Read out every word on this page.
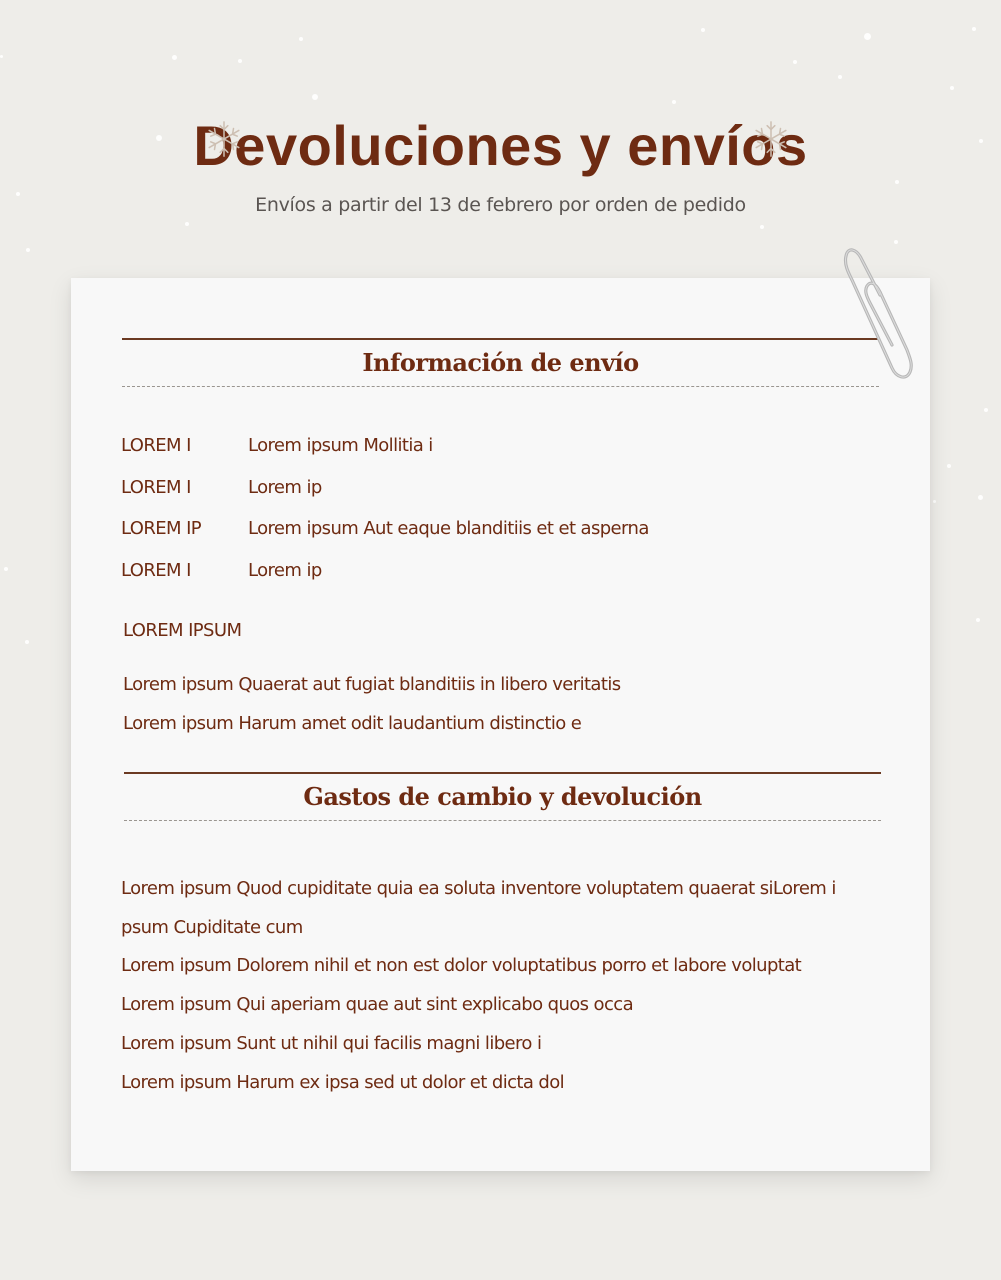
Devoluciones y envíos

Envíos a partir del 13 de febrero por orden de pedido

Información de envío
LOREM I	Lorem ipsum Mollitia i
LOREM I	Lorem ip
LOREM IP	Lorem ipsum Aut eaque blanditiis et et asperna
LOREM I	Lorem ip
LOREM IPSUM

Lorem ipsum Quaerat aut fugiat blanditiis in libero veritatis

Lorem ipsum Harum amet odit laudantium distinctio e

Gastos de cambio y devolución

Lorem ipsum Quod cupiditate quia ea soluta inventore voluptatem quaerat siLorem i

psum Cupiditate cum

Lorem ipsum Dolorem nihil et non est dolor voluptatibus porro et labore voluptat

Lorem ipsum Qui aperiam quae aut sint explicabo quos occa

Lorem ipsum Sunt ut nihil qui facilis magni libero i

Lorem ipsum Harum ex ipsa sed ut dolor et dicta dol
